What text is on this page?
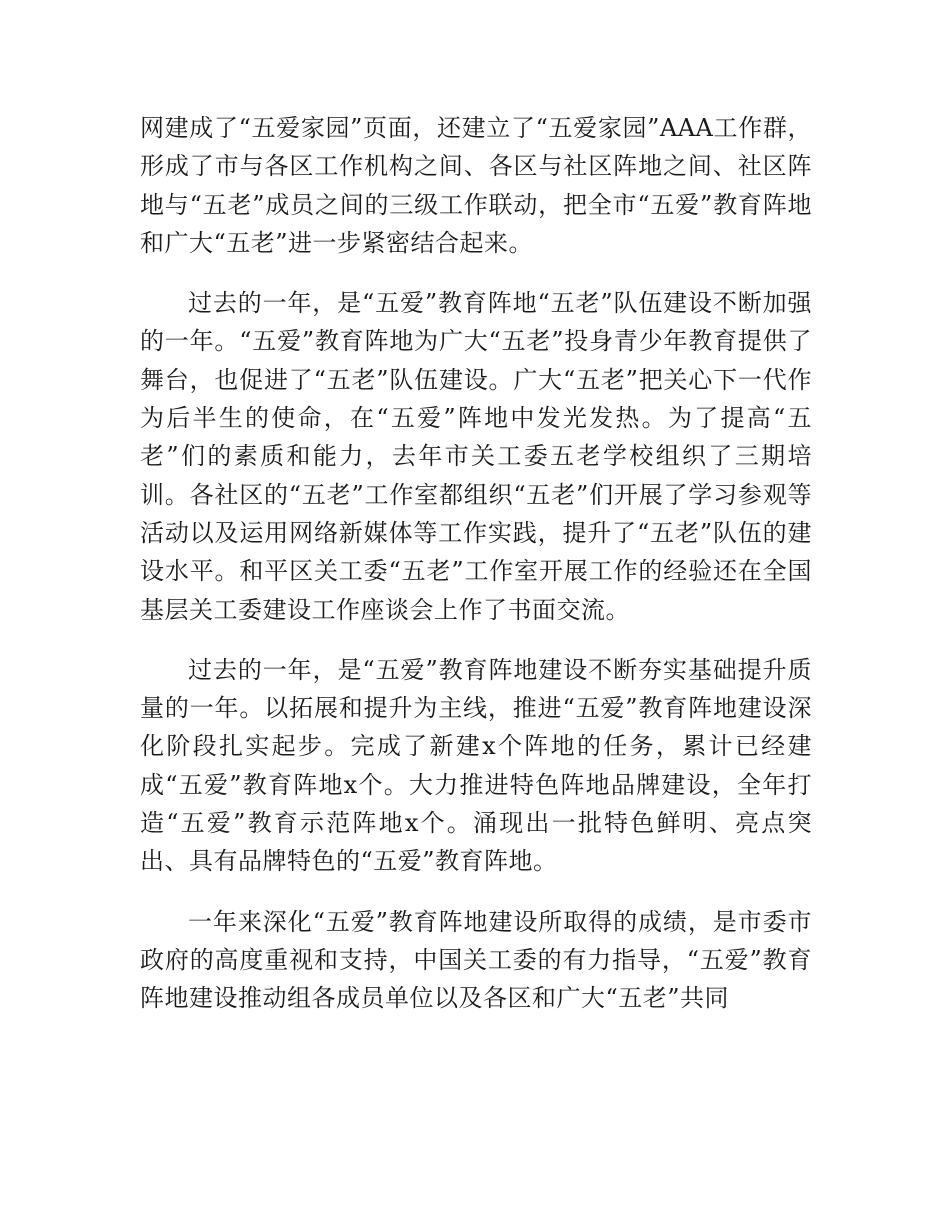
网建成了“五爱家园”页面，还建立了“五爱家园”AAA工作群，形成了市与各区工作机构之间、各区与社区阵地之间、社区阵地与“五老”成员之间的三级工作联动，把全市“五爱”教育阵地和广大“五老”进一步紧密结合起来。

过去的一年，是“五爱”教育阵地“五老”队伍建设不断加强的一年。“五爱”教育阵地为广大“五老”投身青少年教育提供了舞台，也促进了“五老”队伍建设。广大“五老”把关心下一代作为后半生的使命，在“五爱”阵地中发光发热。为了提高“五老”们的素质和能力，去年市关工委五老学校组织了三期培训。各社区的“五老”工作室都组织“五老”们开展了学习参观等活动以及运用网络新媒体等工作实践，提升了“五老”队伍的建设水平。和平区关工委“五老”工作室开展工作的经验还在全国基层关工委建设工作座谈会上作了书面交流。

过去的一年，是“五爱”教育阵地建设不断夯实基础提升质量的一年。以拓展和提升为主线，推进“五爱”教育阵地建设深化阶段扎实起步。完成了新建x个阵地的任务，累计已经建成“五爱”教育阵地x个。大力推进特色阵地品牌建设，全年打造“五爱”教育示范阵地x个。涌现出一批特色鲜明、亮点突出、具有品牌特色的“五爱”教育阵地。

一年来深化“五爱”教育阵地建设所取得的成绩，是市委市政府的高度重视和支持，中国关工委的有力指导，“五爱”教育阵地建设推动组各成员单位以及各区和广大“五老”共同
